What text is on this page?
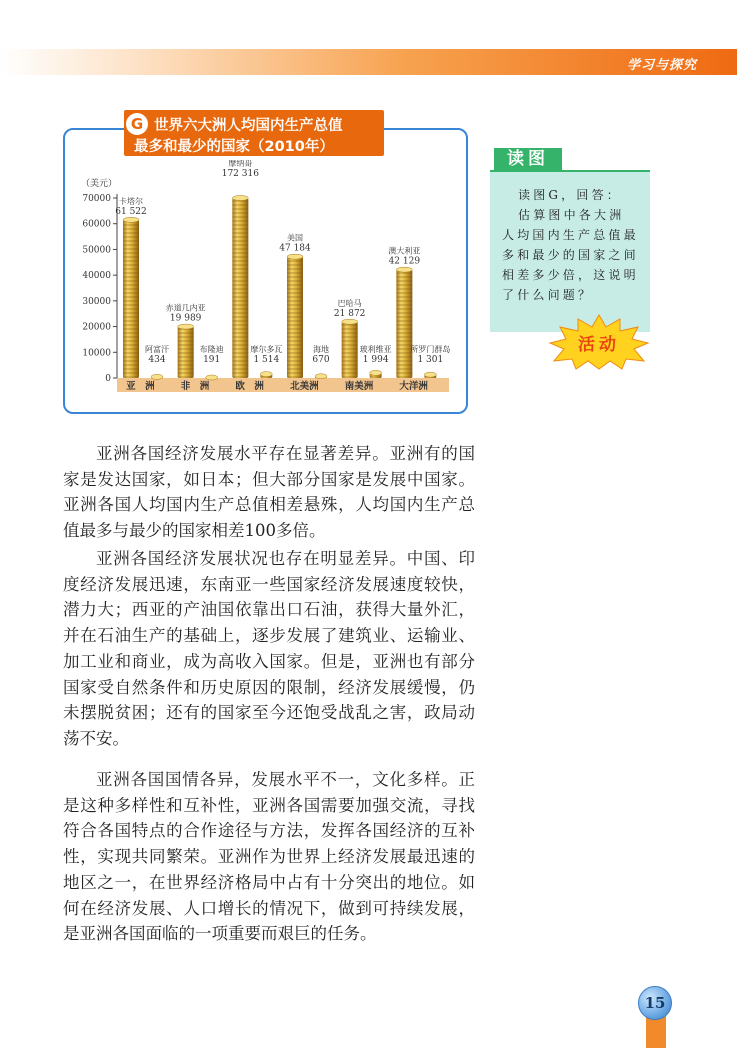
学习与探究
G 世界六大洲人均国内生产总值
最多和最少的国家（2010年）
（美元）
0
10000
20000
30000
40000
50000
60000
70000 卡塔尔
61 522
阿富汗
434
赤道几内亚
19 989
布隆迪
191
摩纳哥
172 316
摩尔多瓦
1 514
美国
47 184
海地
670
巴哈马
21 872
玻利维亚
1 994
澳大利亚
42 129
所罗门群岛
1 301
亚　洲	非　洲	欧　洲	北美洲	南美洲	大洋洲
读图
读图G，回答：
估算图中各大洲
人均国内生产总值最
多和最少的国家之间
相差多少倍，这说明
了什么问题？
活动

亚洲各国经济发展水平存在显著差异。亚洲有的国家是发达国家，如日本；但大部分国家是发展中国家。亚洲各国人均国内生产总值相差悬殊，人均国内生产总值最多与最少的国家相差100多倍。

亚洲各国经济发展状况也存在明显差异。中国、印度经济发展迅速，东南亚一些国家经济发展速度较快，潜力大；西亚的产油国依靠出口石油，获得大量外汇，并在石油生产的基础上，逐步发展了建筑业、运输业、加工业和商业，成为高收入国家。但是，亚洲也有部分国家受自然条件和历史原因的限制，经济发展缓慢，仍未摆脱贫困；还有的国家至今还饱受战乱之害，政局动荡不安。

亚洲各国国情各异，发展水平不一，文化多样。正是这种多样性和互补性，亚洲各国需要加强交流，寻找符合各国特点的合作途径与方法，发挥各国经济的互补性，实现共同繁荣。亚洲作为世界上经济发展最迅速的地区之一，在世界经济格局中占有十分突出的地位。如何在经济发展、人口增长的情况下，做到可持续发展，是亚洲各国面临的一项重要而艰巨的任务。

15
